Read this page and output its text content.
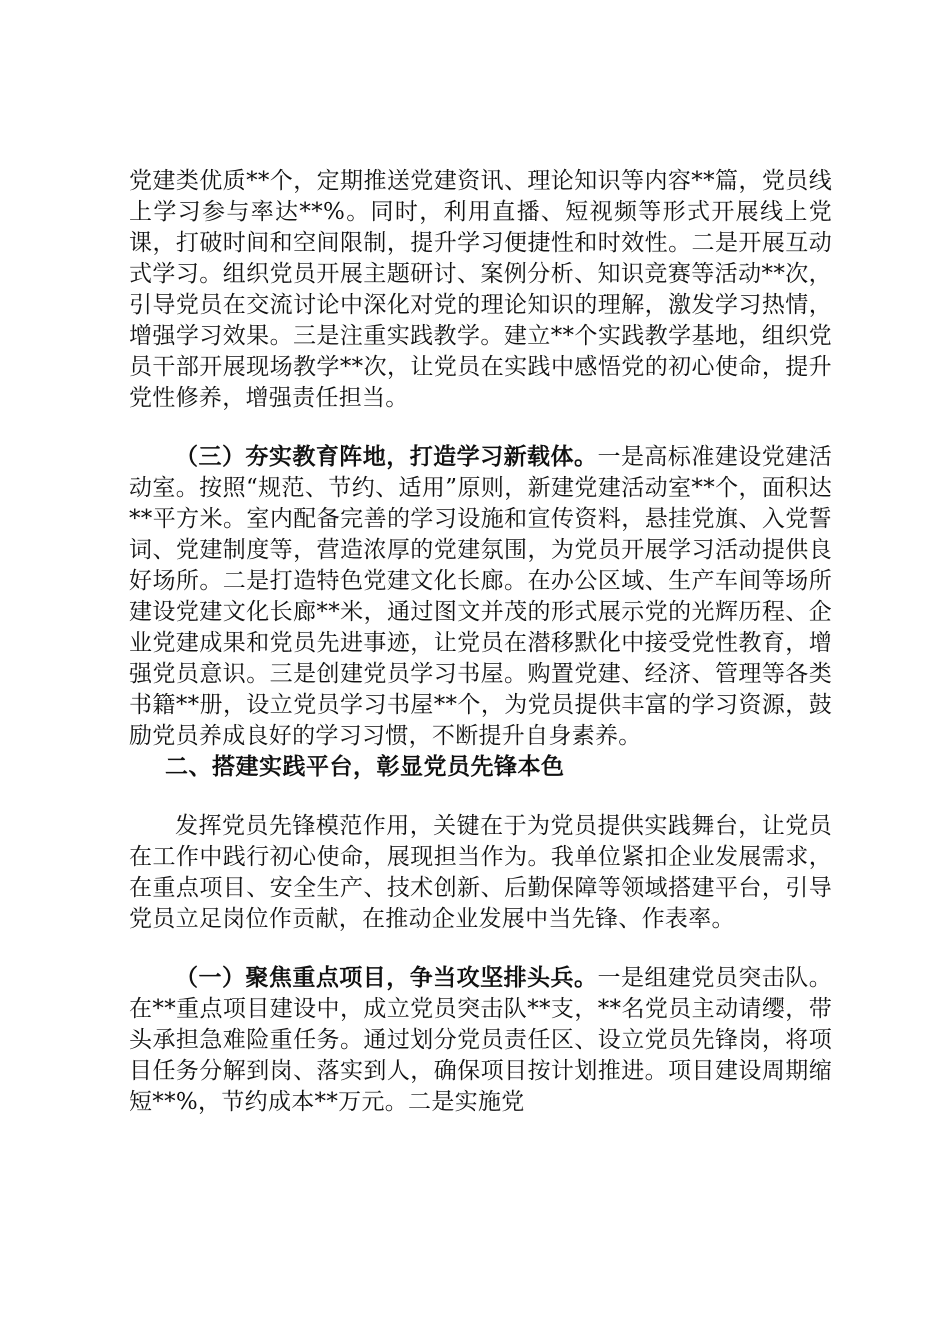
党建类优质**个，定期推送党建资讯、理论知识等内容**篇，党员线上学习参与率达**%。同时，利用直播、短视频等形式开展线上党课，打破时间和空间限制，提升学习便捷性和时效性。二是开展互动式学习。组织党员开展主题研讨、案例分析、知识竞赛等活动**次，引导党员在交流讨论中深化对党的理论知识的理解，激发学习热情，增强学习效果。三是注重实践教学。建立**个实践教学基地，组织党员干部开展现场教学**次，让党员在实践中感悟党的初心使命，提升党性修养，增强责任担当。

（三）夯实教育阵地，打造学习新载体。一是高标准建设党建活动室。按照“规范、节约、适用”原则，新建党建活动室**个，面积达**平方米。室内配备完善的学习设施和宣传资料，悬挂党旗、入党誓词、党建制度等，营造浓厚的党建氛围，为党员开展学习活动提供良好场所。二是打造特色党建文化长廊。在办公区域、生产车间等场所建设党建文化长廊**米，通过图文并茂的形式展示党的光辉历程、企业党建成果和党员先进事迹，让党员在潜移默化中接受党性教育，增强党员意识。三是创建党员学习书屋。购置党建、经济、管理等各类书籍**册，设立党员学习书屋**个，为党员提供丰富的学习资源，鼓励党员养成良好的学习习惯，不断提升自身素养。

二、搭建实践平台，彰显党员先锋本色

发挥党员先锋模范作用，关键在于为党员提供实践舞台，让党员在工作中践行初心使命，展现担当作为。我单位紧扣企业发展需求，在重点项目、安全生产、技术创新、后勤保障等领域搭建平台，引导党员立足岗位作贡献，在推动企业发展中当先锋、作表率。

（一）聚焦重点项目，争当攻坚排头兵。一是组建党员突击队。在**重点项目建设中，成立党员突击队**支，**名党员主动请缨，带头承担急难险重任务。通过划分党员责任区、设立党员先锋岗，将项目任务分解到岗、落实到人，确保项目按计划推进。项目建设周期缩短**%，节约成本**万元。二是实施党
